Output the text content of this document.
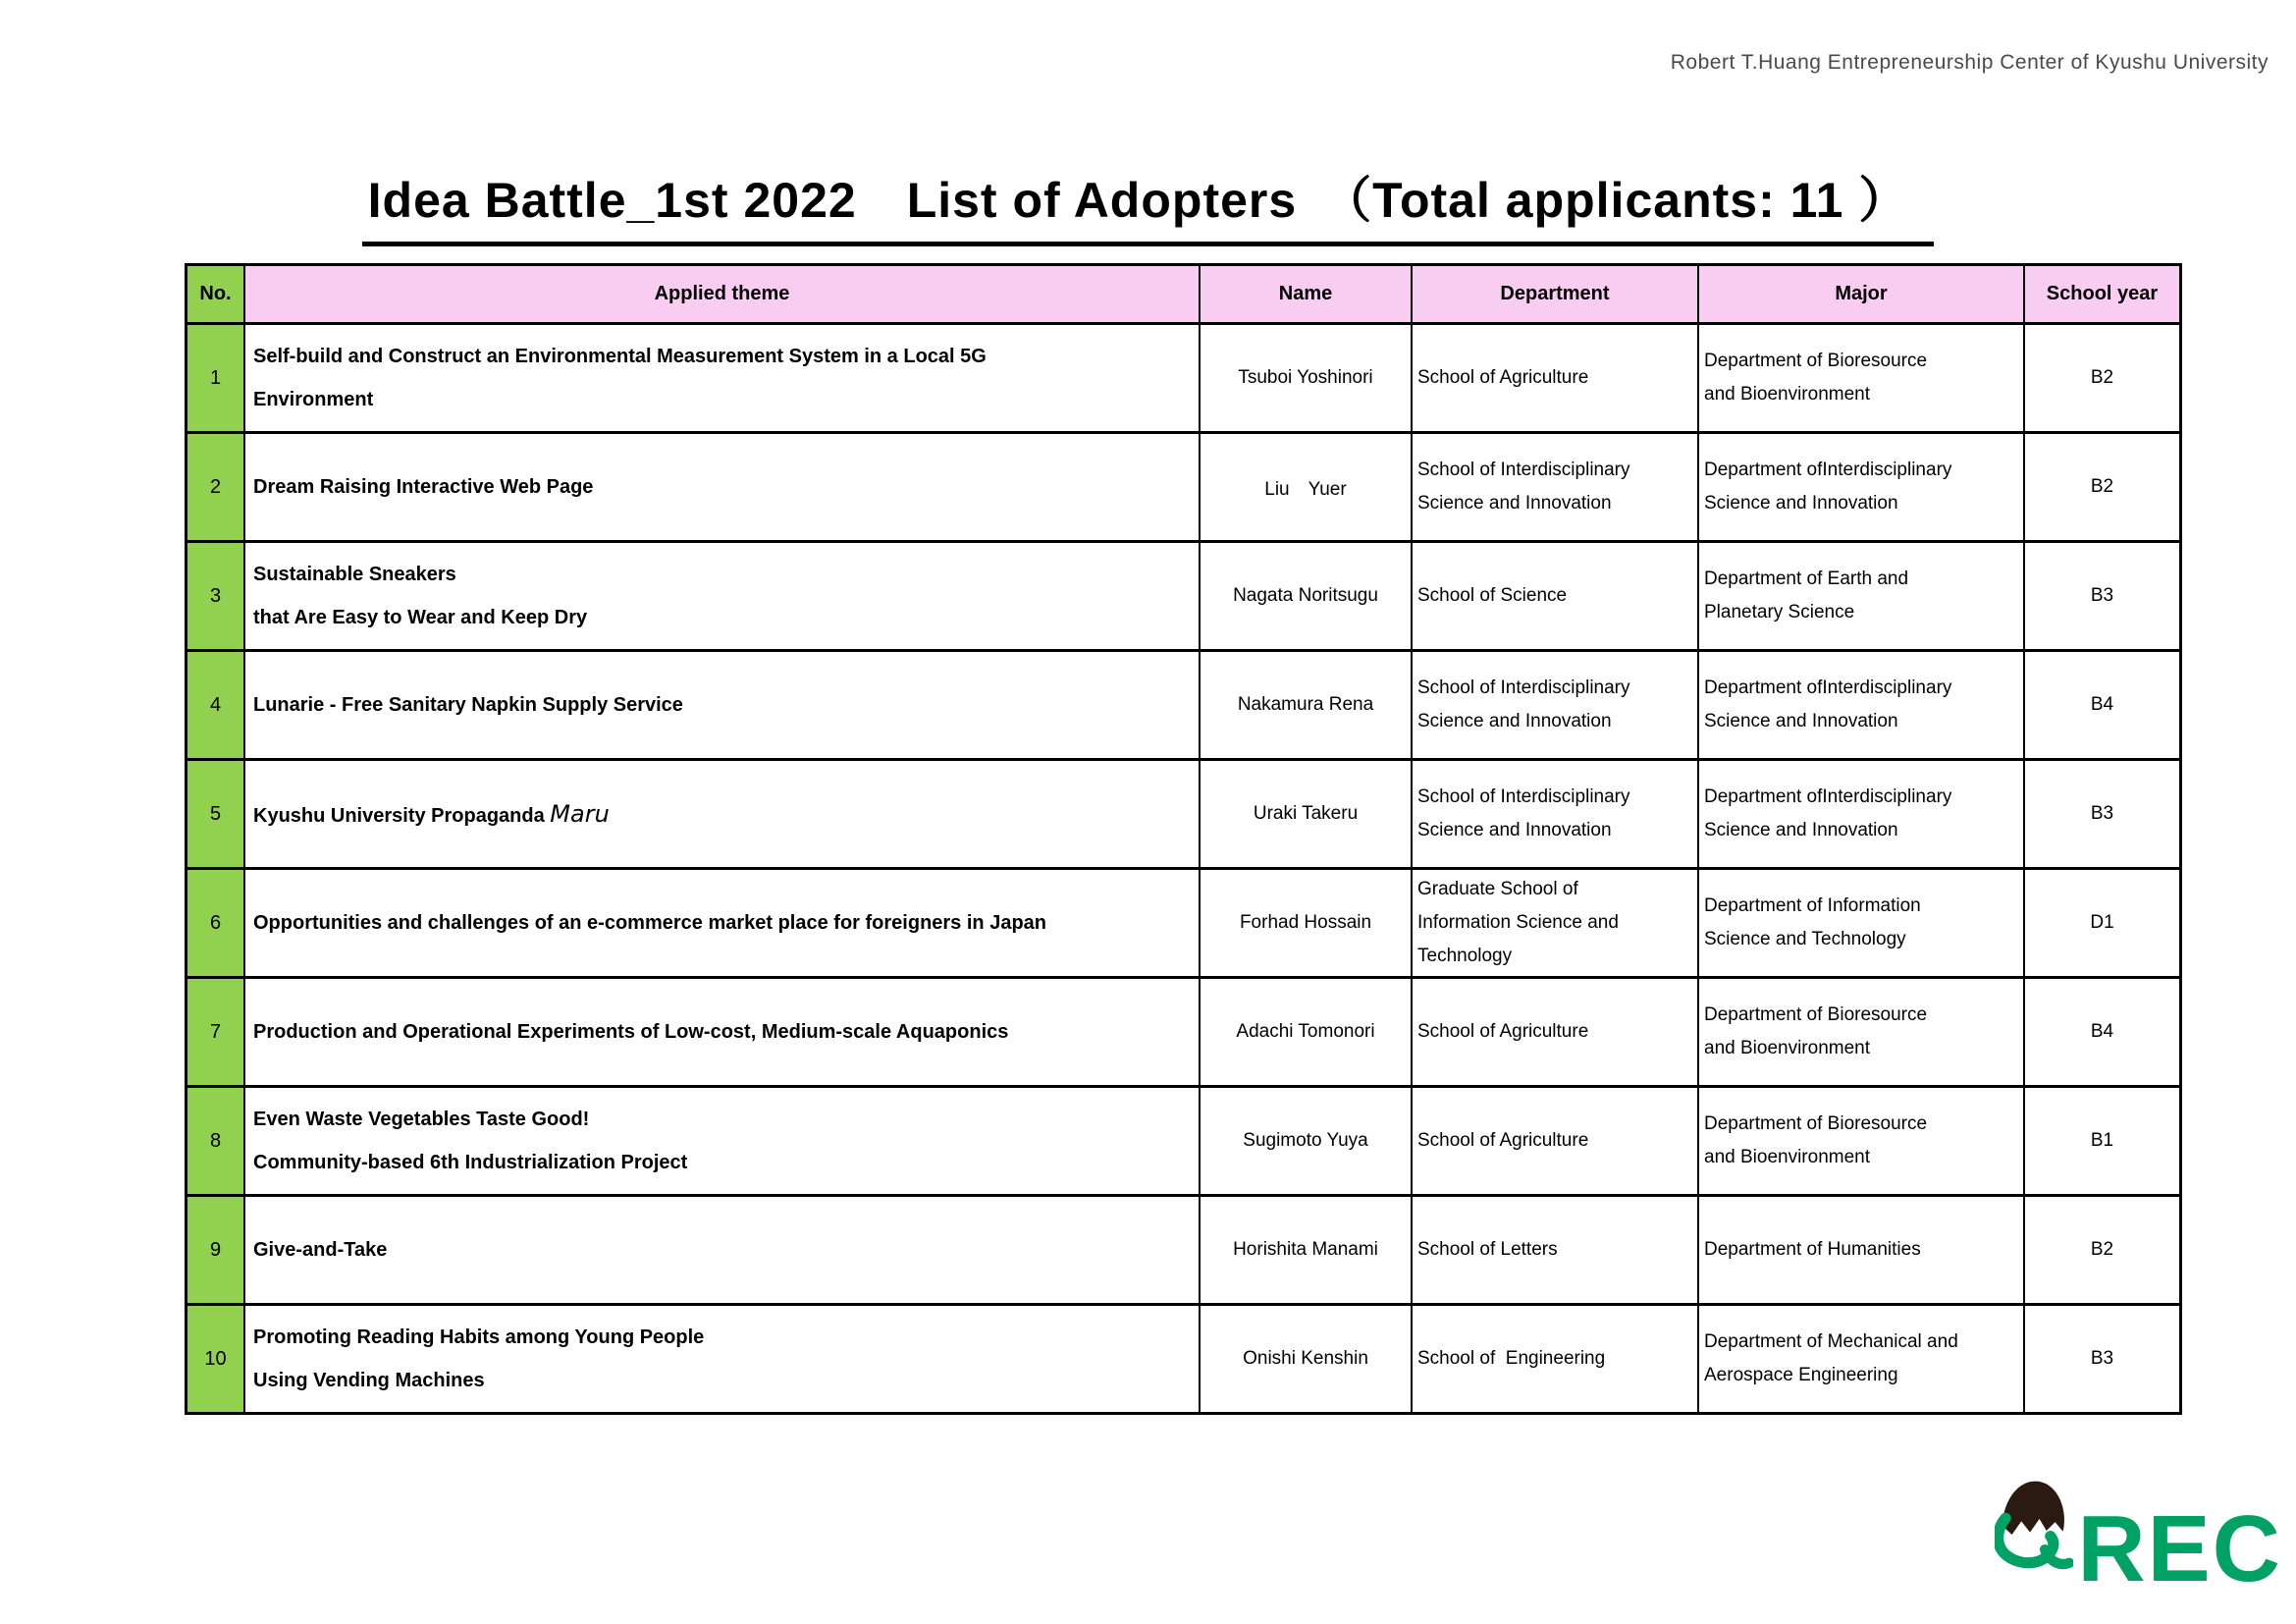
Robert T.Huang Entrepreneurship Center of Kyushu University
Idea Battle_1st 2022　List of Adopters　（Total applicants: 11 ）
No.	Applied theme	Name	Department	Major	School year
1	Self-build and Construct an Environmental Measurement System in a Local 5G
Environment	Tsuboi Yoshinori	School of Agriculture	Department of Bioresource
and Bioenvironment	B2
2	Dream Raising Interactive Web Page	Liu　Yuer	School of Interdisciplinary
Science and Innovation	Department ofInterdisciplinary
Science and Innovation	B2
3	Sustainable Sneakers
that Are Easy to Wear and Keep Dry	Nagata Noritsugu	School of Science	Department of Earth and
Planetary Science	B3
4	Lunarie - Free Sanitary Napkin Supply Service	Nakamura Rena	School of Interdisciplinary
Science and Innovation	Department ofInterdisciplinary
Science and Innovation	B4
5	Kyushu University Propaganda Maru	Uraki Takeru	School of Interdisciplinary
Science and Innovation	Department ofInterdisciplinary
Science and Innovation	B3
6	Opportunities and challenges of an e-commerce market place for foreigners in Japan	Forhad Hossain	Graduate School of
Information Science and
Technology	Department of Information
Science and Technology	D1
7	Production and Operational Experiments of Low-cost, Medium-scale Aquaponics	Adachi Tomonori	School of Agriculture	Department of Bioresource
and Bioenvironment	B4
8	Even Waste Vegetables Taste Good!
Community-based 6th Industrialization Project	Sugimoto Yuya	School of Agriculture	Department of Bioresource
and Bioenvironment	B1
9	Give-and-Take	Horishita Manami	School of Letters	Department of Humanities	B2
10	Promoting Reading Habits among Young People
Using Vending Machines	Onishi Kenshin	School of  Engineering	Department of Mechanical and
Aerospace Engineering	B3
REC
